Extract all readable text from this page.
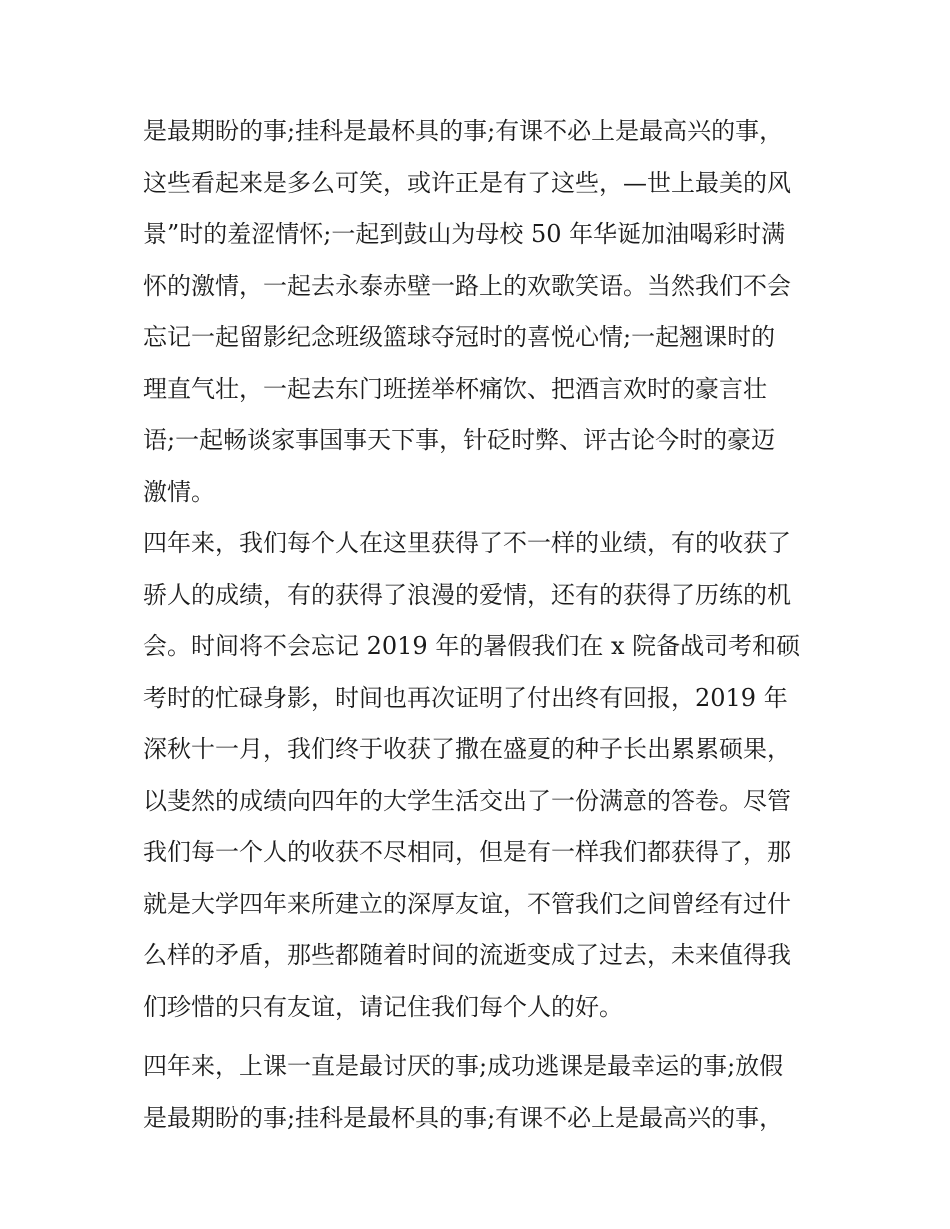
是最期盼的事;挂科是最杯具的事;有课不必上是最高兴的事，
这些看起来是多么可笑，或许正是有了这些，—世上最美的风
景”时的羞涩情怀;一起到鼓山为母校 50 年华诞加油喝彩时满
怀的激情，一起去永泰赤壁一路上的欢歌笑语。当然我们不会
忘记一起留影纪念班级篮球夺冠时的喜悦心情;一起翘课时的
理直气壮，一起去东门班搓举杯痛饮、把酒言欢时的豪言壮
语;一起畅谈家事国事天下事，针砭时弊、评古论今时的豪迈
激情。
四年来，我们每个人在这里获得了不一样的业绩，有的收获了
骄人的成绩，有的获得了浪漫的爱情，还有的获得了历练的机
会。时间将不会忘记 2019 年的暑假我们在 x 院备战司考和硕
考时的忙碌身影，时间也再次证明了付出终有回报，2019 年
深秋十一月，我们终于收获了撒在盛夏的种子长出累累硕果，
以斐然的成绩向四年的大学生活交出了一份满意的答卷。尽管
我们每一个人的收获不尽相同，但是有一样我们都获得了，那
就是大学四年来所建立的深厚友谊，不管我们之间曾经有过什
么样的矛盾，那些都随着时间的流逝变成了过去，未来值得我
们珍惜的只有友谊，请记住我们每个人的好。
四年来，上课一直是最讨厌的事;成功逃课是最幸运的事;放假
是最期盼的事;挂科是最杯具的事;有课不必上是最高兴的事，
